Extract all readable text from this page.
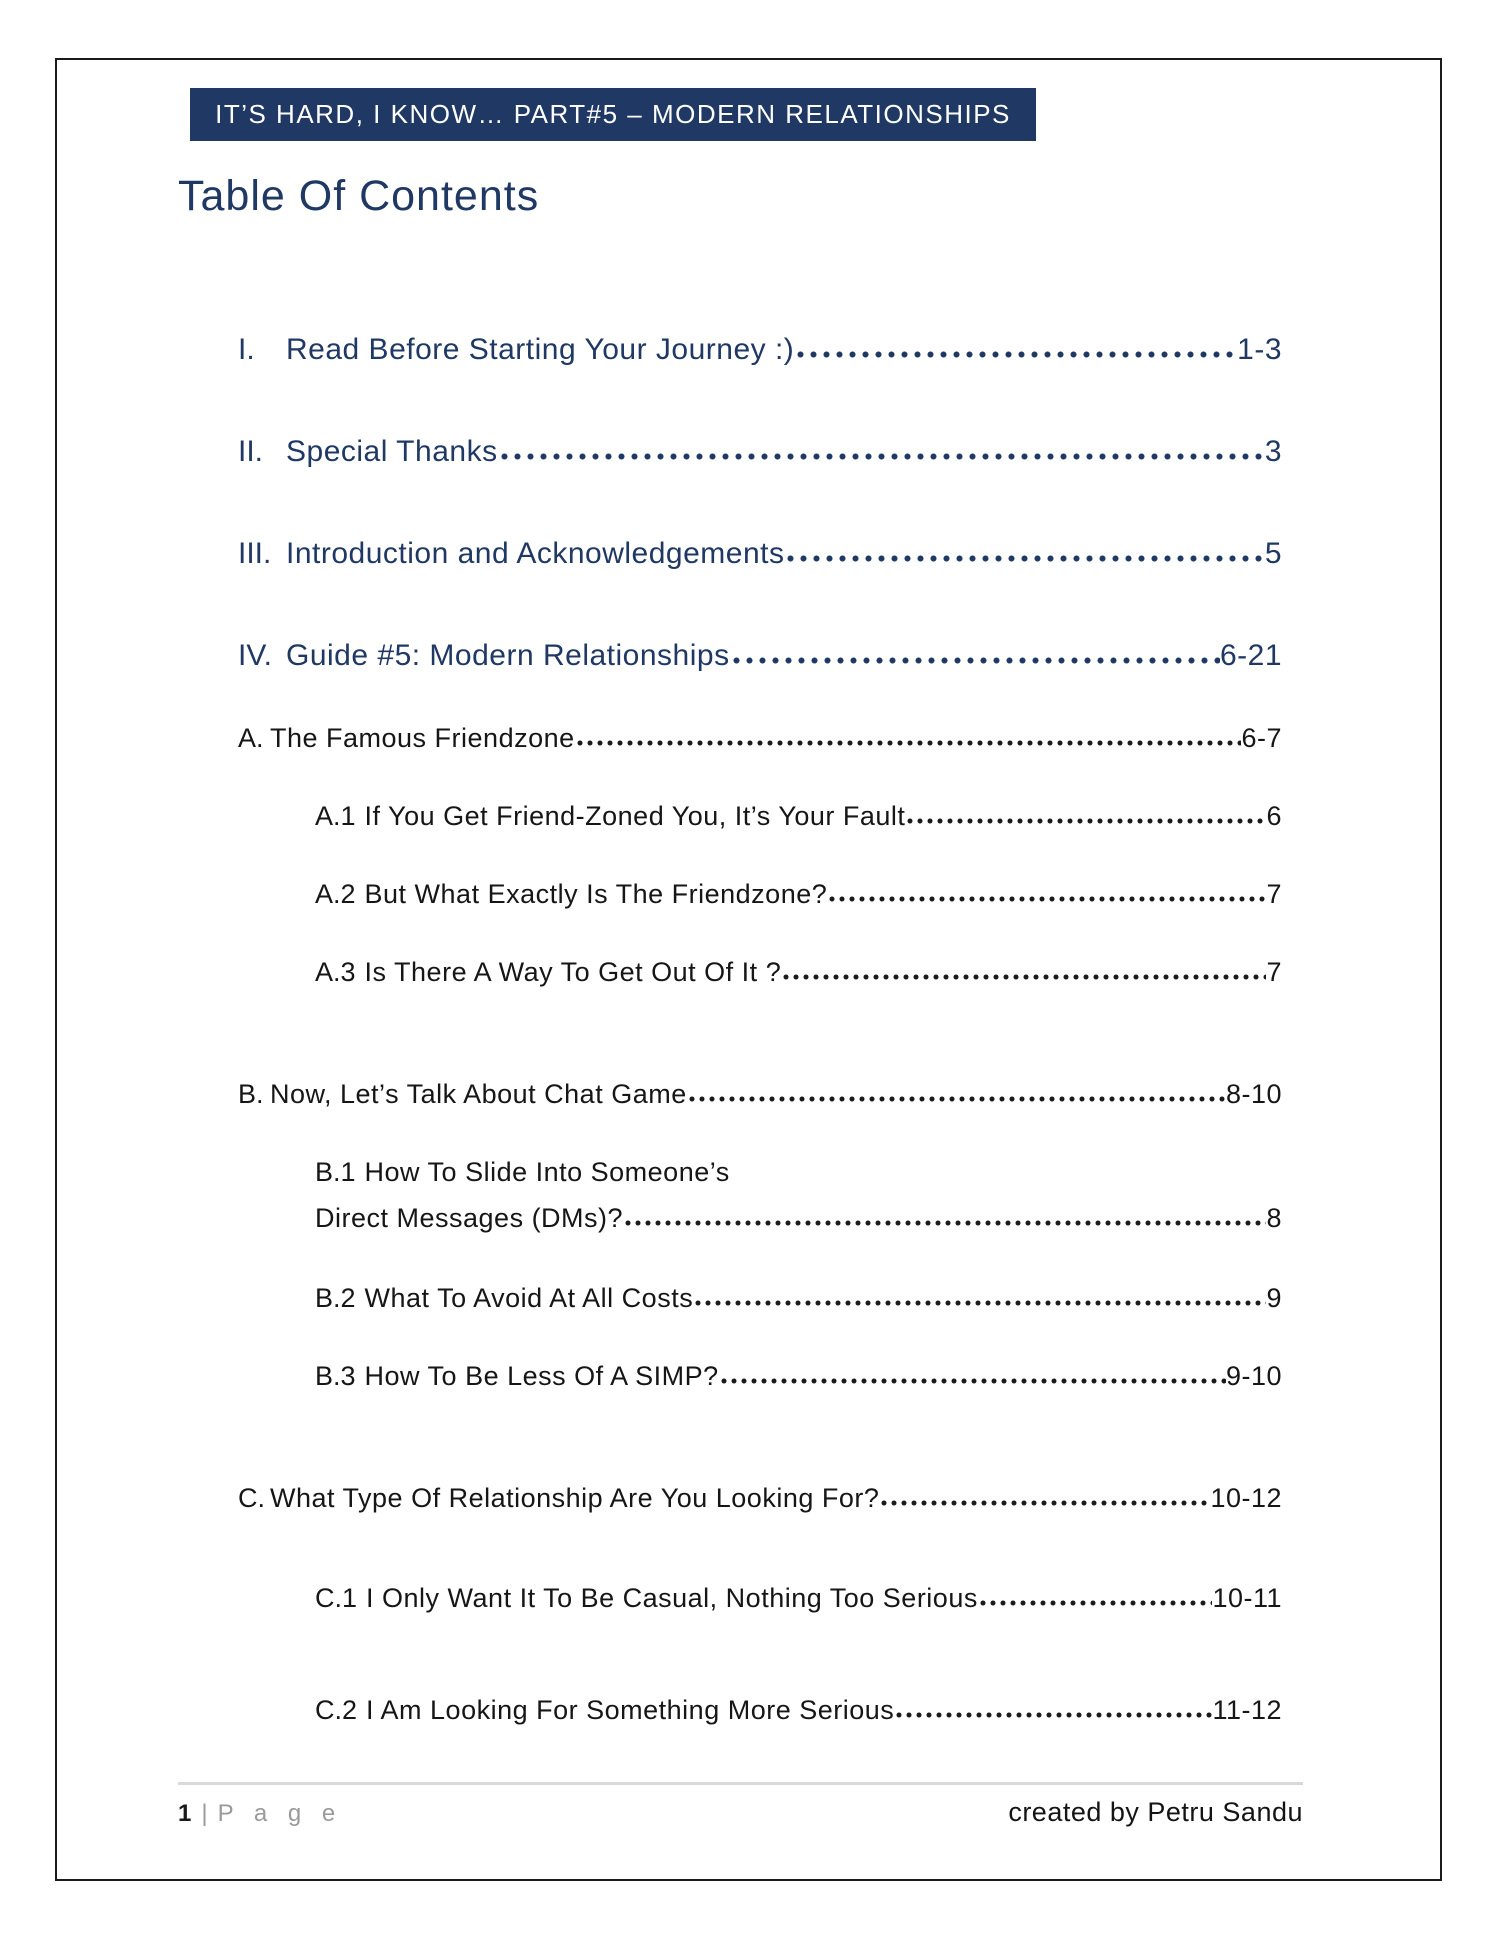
IT’S HARD, I KNOW… PART#5 – MODERN RELATIONSHIPS
Table Of Contents
I.	Read Before Starting Your Journey :)	1-3
II. Special Thanks	3
III. Introduction and Acknowledgements	5
IV. Guide #5: Modern Relationships	6-21
A. The Famous Friendzone	6-7
A.1 If You Get Friend-Zoned You, It’s Your Fault	6
A.2 But What Exactly Is The Friendzone?	7
A.3 Is There A Way To Get Out Of It ?	7
B. Now, Let’s Talk About Chat Game	8-10
B.1 How To Slide Into Someone’s
Direct Messages (DMs)?	8
B.2 What To Avoid At All Costs	9
B.3 How To Be Less Of A SIMP?	9-10
C. What Type Of Relationship Are You Looking For?	10-12
C.1 I Only Want It To Be Casual, Nothing Too Serious	10-11
C.2 I Am Looking For Something More Serious	11-12
1 | P a g e	created by Petru Sandu
